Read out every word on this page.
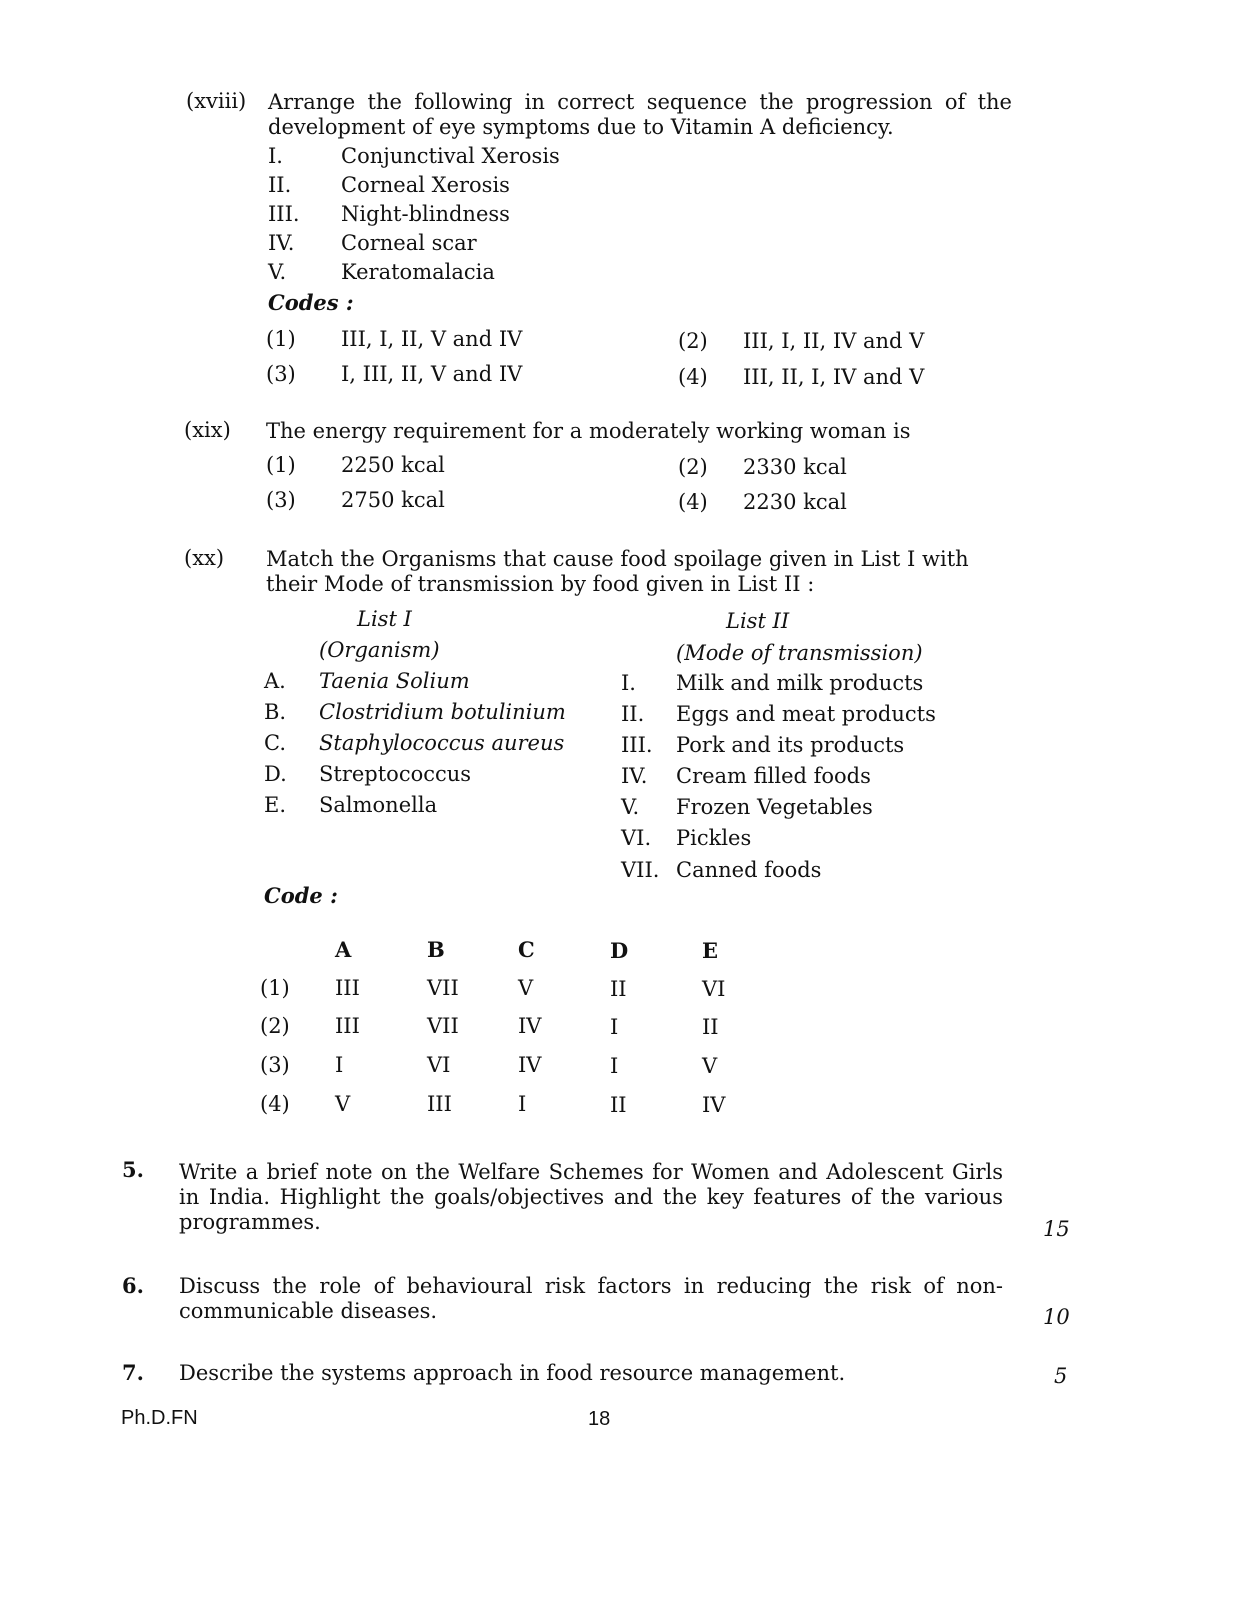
(xviii) Arrange the following in correct sequence the progression of the development of eye symptoms due to Vitamin A deficiency.
I.	Conjunctival Xerosis
II. Corneal Xerosis
III. Night-blindness
IV. Corneal scar
V.	Keratomalacia
Codes :
(1) III, I, II, V and IV	(2) III, I, II, IV and V
(3) I, III, II, V and IV	(4) III, II, I, IV and V
(xix) The energy requirement for a moderately working woman is
(1) 2250 kcal	(2) 2330 kcal
(3) 2750 kcal	(4) 2230 kcal
(xx) Match the Organisms that cause food spoilage given in List I with their Mode of transmission by food given in List II :
List I
(Organism)
List II
(Mode of transmission)
A. Taenia Solium
B. Clostridium botulinium
C. Staphylococcus aureus
D. Streptococcus
E. Salmonella
I. Milk and milk products
II. Eggs and meat products
III. Pork and its products
IV. Cream filled foods
V. Frozen Vegetables
VI. Pickles
VII. Canned foods
Code :
A	B	C	D	E
(1) III	VII	V	II	VI
(2) III	VII	IV	I	II
(3) I	VI	IV	I	V
(4) V	III	I	II	IV
5. Write a brief note on the Welfare Schemes for Women and Adolescent Girls in India. Highlight the goals/objectives and the key features of the various programmes.	15
6. Discuss the role of behavioural risk factors in reducing the risk of non-communicable diseases.	10
7. Describe the systems approach in food resource management.	5
Ph.D.FN	18
